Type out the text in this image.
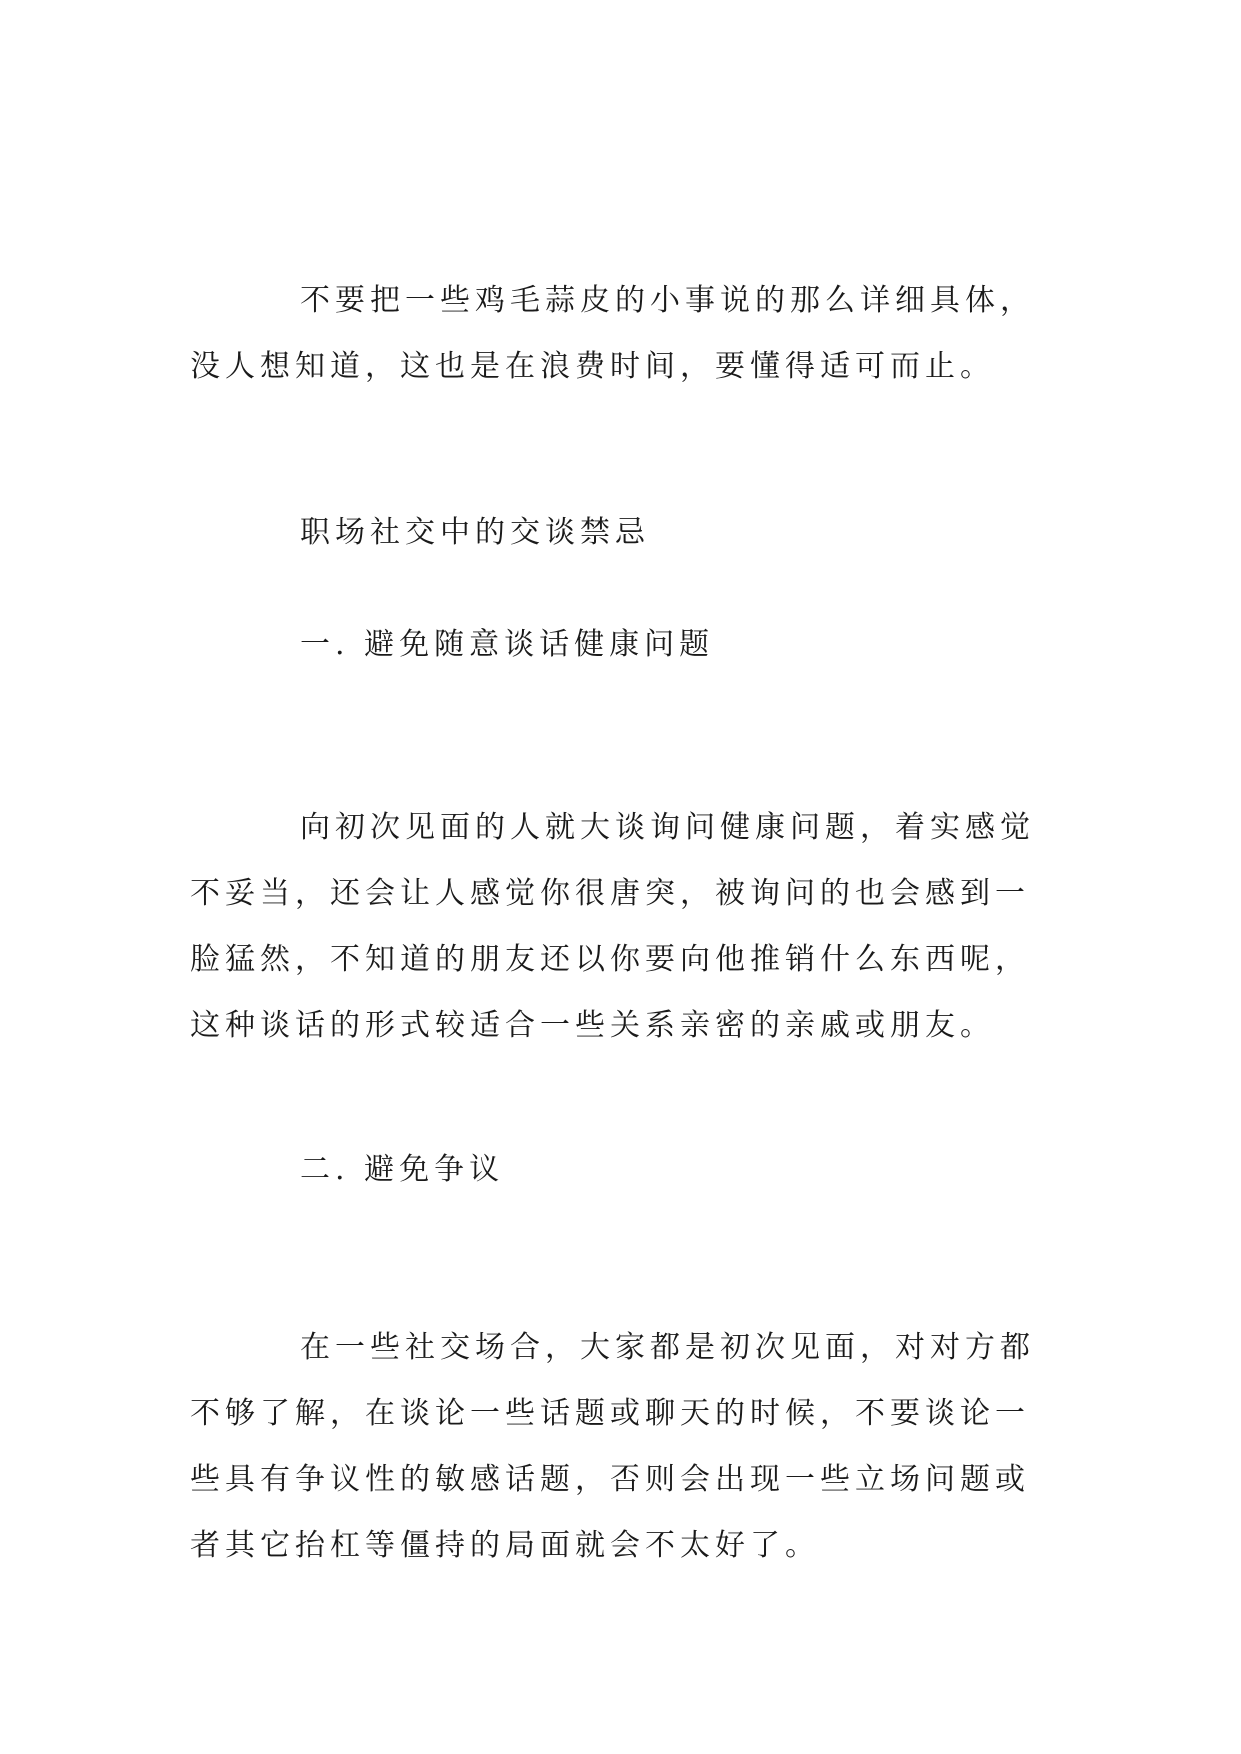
不要把一些鸡毛蒜皮的小事说的那么详细具体，没人想知道，这也是在浪费时间，要懂得适可而止。

职场社交中的交谈禁忌
一. 避免随意谈话健康问题

向初次见面的人就大谈询问健康问题，着实感觉不妥当，还会让人感觉你很唐突，被询问的也会感到一脸猛然，不知道的朋友还以你要向他推销什么东西呢，这种谈话的形式较适合一些关系亲密的亲戚或朋友。

二. 避免争议

在一些社交场合，大家都是初次见面，对对方都不够了解，在谈论一些话题或聊天的时候，不要谈论一些具有争议性的敏感话题，否则会出现一些立场问题或者其它抬杠等僵持的局面就会不太好了。
